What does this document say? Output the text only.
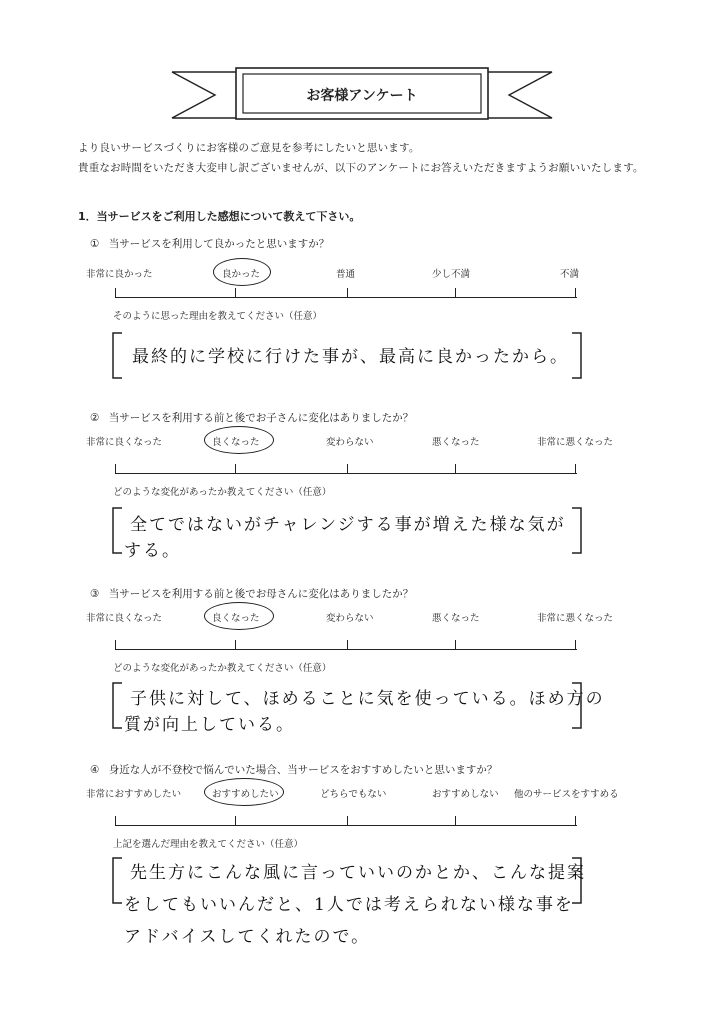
お客様アンケート
より良いサービスづくりにお客様のご意見を参考にしたいと思います。
貴重なお時間をいただき大変申し訳ございませんが、以下のアンケートにお答えいただきますようお願いいたします。
1．当サービスをご利用した感想について教えて下さい。
① 当サービスを利用して良かったと思いますか？
非常に良かった	良かった	普通	少し不満	不満
そのように思った理由を教えてください（任意）
最終的に学校に行けた事が、最高に良かったから。
② 当サービスを利用する前と後でお子さんに変化はありましたか？
非常に良くなった	良くなった	変わらない	悪くなった	非常に悪くなった
どのような変化があったか教えてください（任意）
全てではないがチャレンジする事が増えた様な気が
する。
③ 当サービスを利用する前と後でお母さんに変化はありましたか？
非常に良くなった	良くなった	変わらない	悪くなった	非常に悪くなった
どのような変化があったか教えてください（任意）
子供に対して、ほめることに気を使っている。ほめ方の
質が向上している。
④ 身近な人が不登校で悩んでいた場合、当サービスをおすすめしたいと思いますか？
非常におすすめしたい	おすすめしたい	どちらでもない	おすすめしない 他のサービスをすすめる
上記を選んだ理由を教えてください（任意）
先生方にこんな風に言っていいのかとか、こんな提案
をしてもいいんだと、1人では考えられない様な事を
アドバイスしてくれたので。
